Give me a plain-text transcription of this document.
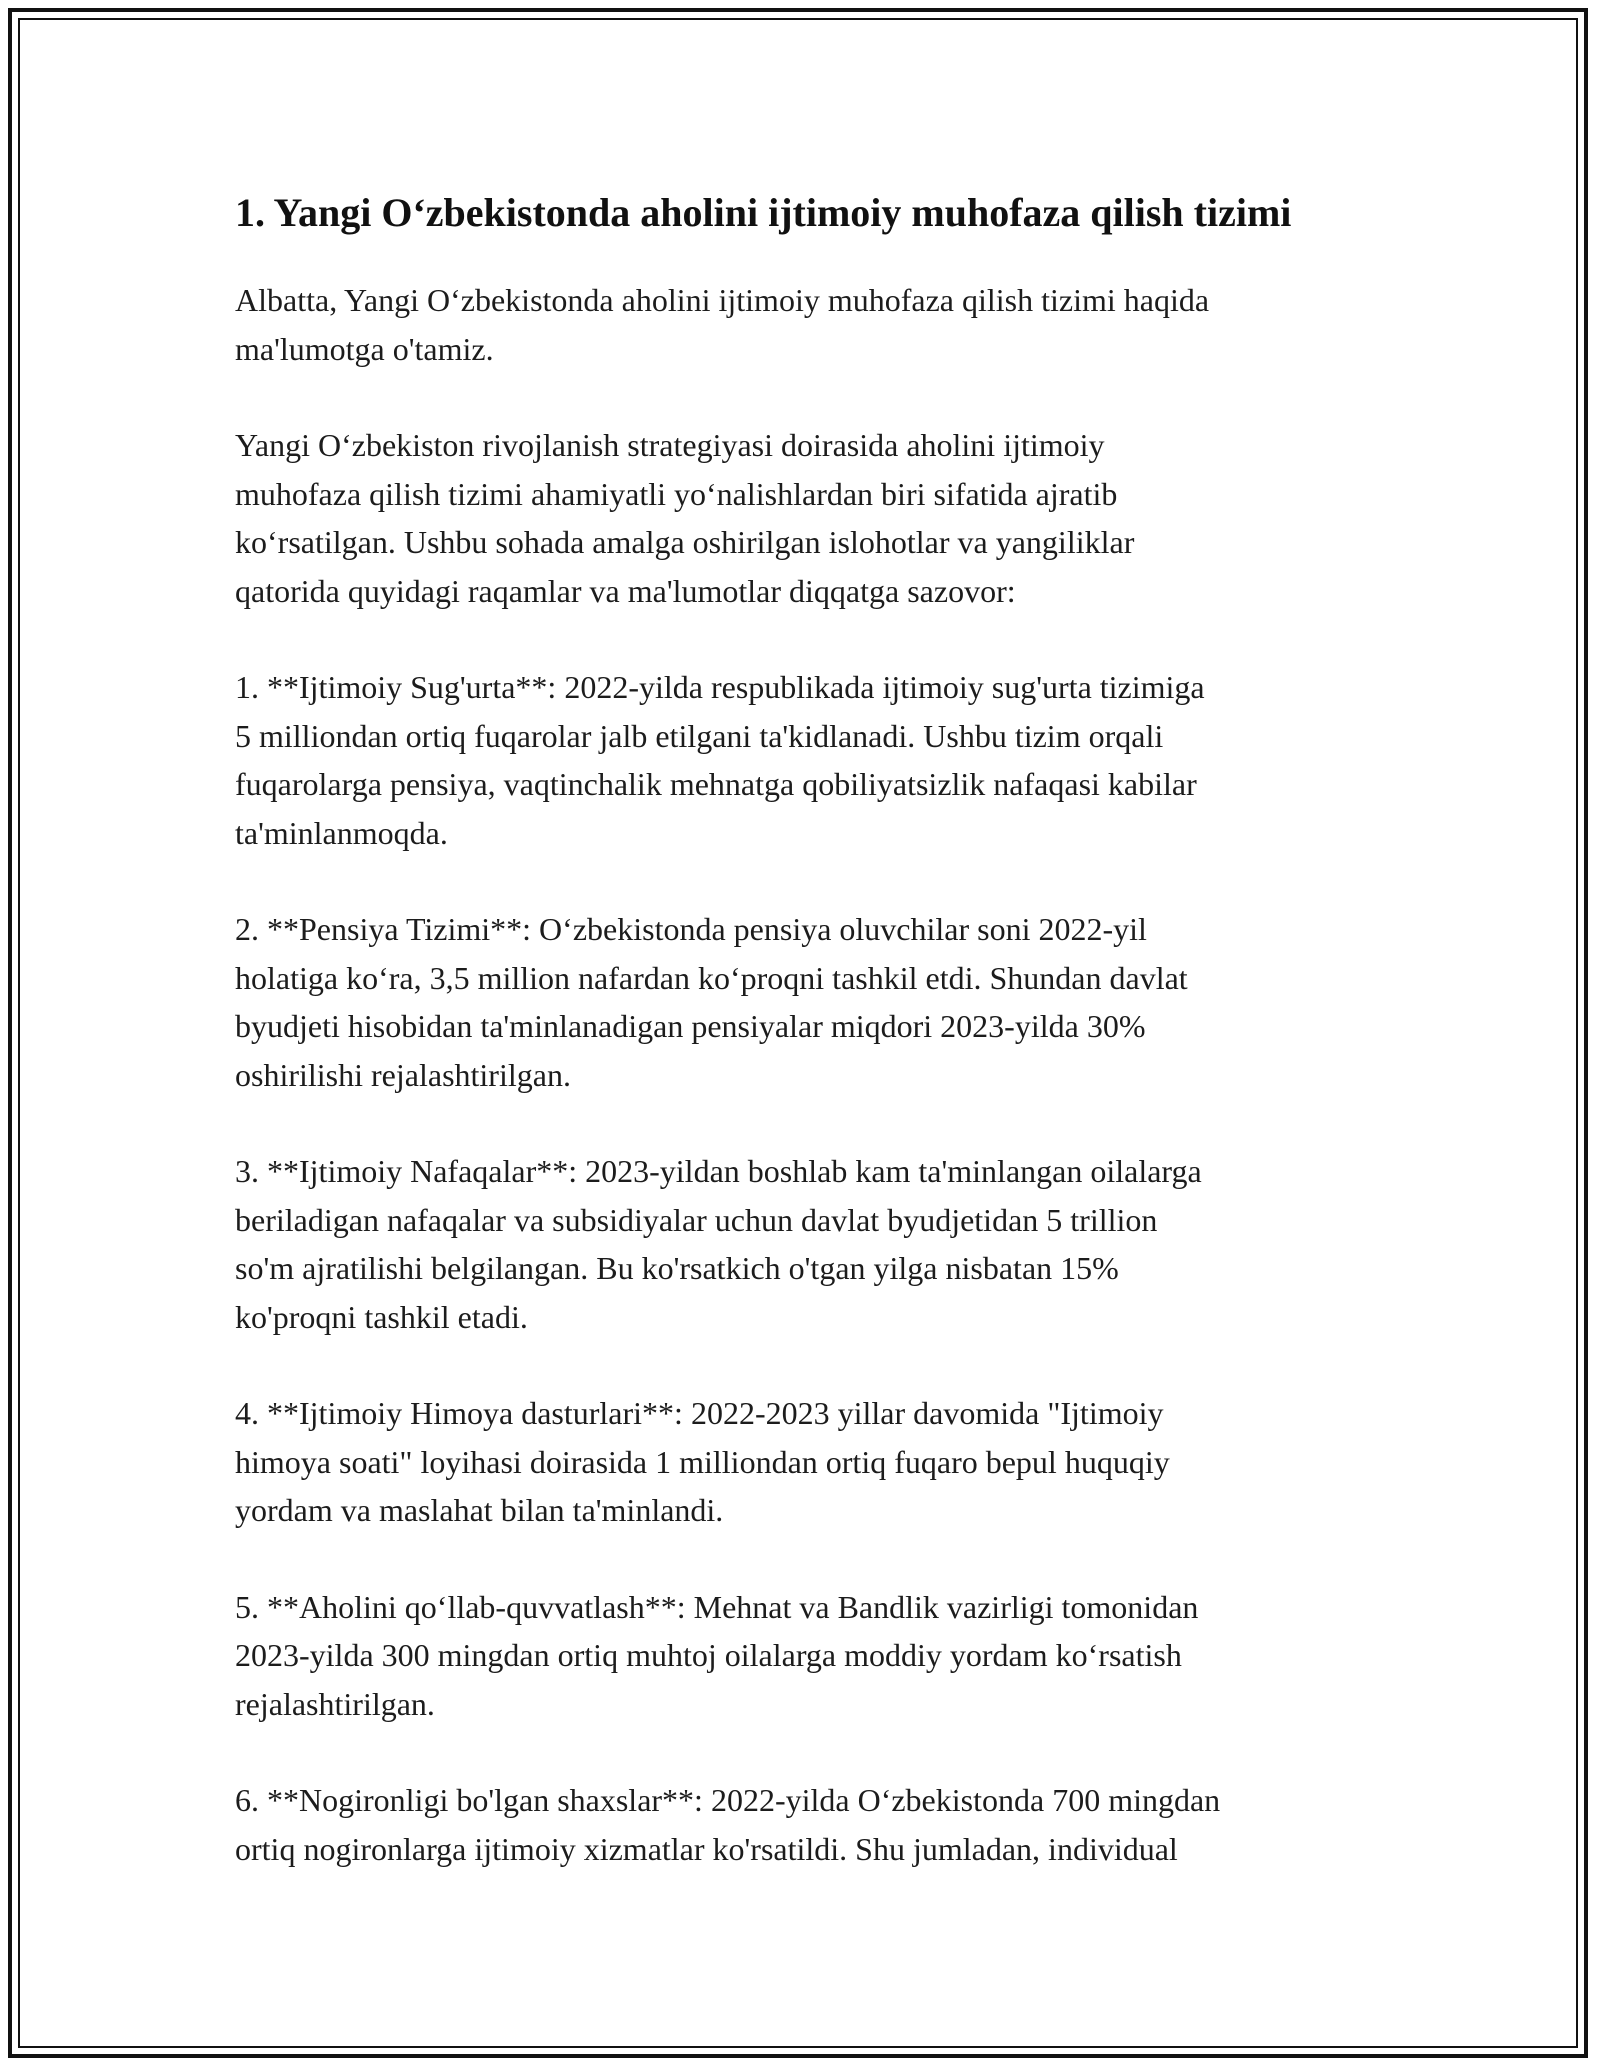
1. Yangi O‘zbekistonda aholini ijtimoiy muhofaza qilish tizimi

Albatta, Yangi O‘zbekistonda aholini ijtimoiy muhofaza qilish tizimi haqida
ma'lumotga o'tamiz.

Yangi O‘zbekiston rivojlanish strategiyasi doirasida aholini ijtimoiy
muhofaza qilish tizimi ahamiyatli yo‘nalishlardan biri sifatida ajratib
ko‘rsatilgan. Ushbu sohada amalga oshirilgan islohotlar va yangiliklar
qatorida quyidagi raqamlar va ma'lumotlar diqqatga sazovor:

1. **Ijtimoiy Sug'urta**: 2022-yilda respublikada ijtimoiy sug'urta tizimiga
5 milliondan ortiq fuqarolar jalb etilgani ta'kidlanadi. Ushbu tizim orqali
fuqarolarga pensiya, vaqtinchalik mehnatga qobiliyatsizlik nafaqasi kabilar
ta'minlanmoqda.

2. **Pensiya Tizimi**: O‘zbekistonda pensiya oluvchilar soni 2022-yil
holatiga ko‘ra, 3,5 million nafardan ko‘proqni tashkil etdi. Shundan davlat
byudjeti hisobidan ta'minlanadigan pensiyalar miqdori 2023-yilda 30%
oshirilishi rejalashtirilgan.

3. **Ijtimoiy Nafaqalar**: 2023-yildan boshlab kam ta'minlangan oilalarga
beriladigan nafaqalar va subsidiyalar uchun davlat byudjetidan 5 trillion
so'm ajratilishi belgilangan. Bu ko'rsatkich o'tgan yilga nisbatan 15%
ko'proqni tashkil etadi.

4. **Ijtimoiy Himoya dasturlari**: 2022-2023 yillar davomida "Ijtimoiy
himoya soati" loyihasi doirasida 1 milliondan ortiq fuqaro bepul huquqiy
yordam va maslahat bilan ta'minlandi.

5. **Aholini qo‘llab-quvvatlash**: Mehnat va Bandlik vazirligi tomonidan
2023-yilda 300 mingdan ortiq muhtoj oilalarga moddiy yordam ko‘rsatish
rejalashtirilgan.

6. **Nogironligi bo'lgan shaxslar**: 2022-yilda O‘zbekistonda 700 mingdan
ortiq nogironlarga ijtimoiy xizmatlar ko'rsatildi. Shu jumladan, individual
